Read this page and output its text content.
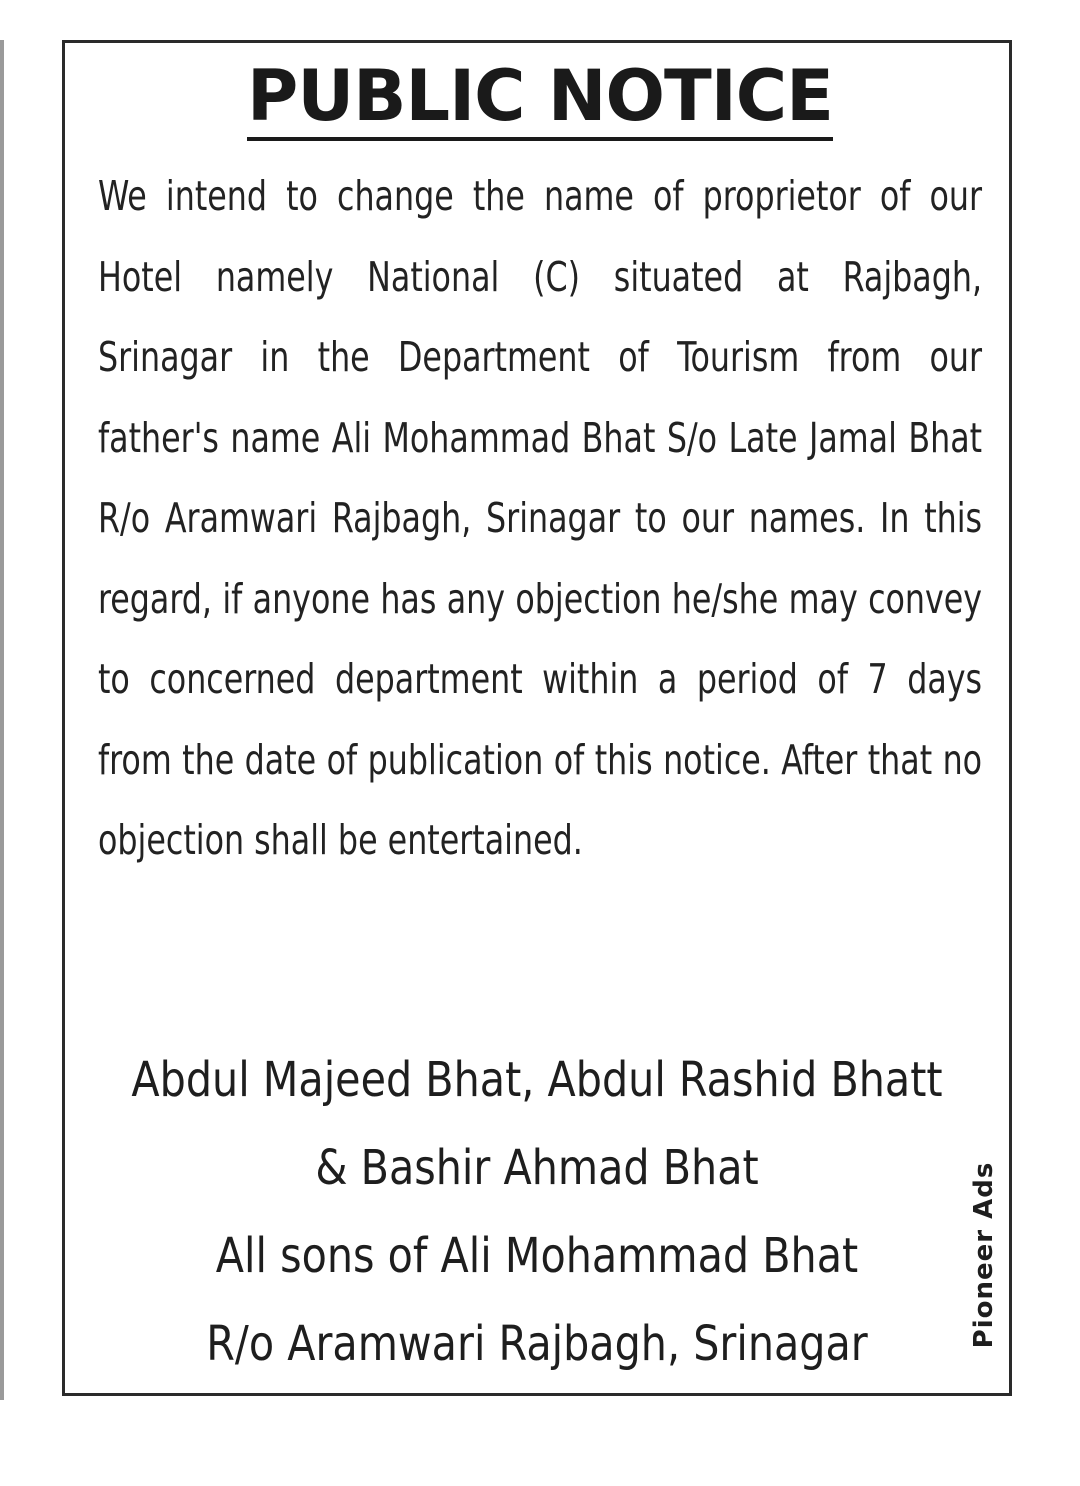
PUBLIC NOTICE

We intend to change the name of proprietor of our Hotel namely National (C) situated at Rajbagh, Srinagar in the Department of Tourism from our father's name Ali Mohammad Bhat S/o Late Jamal Bhat R/o Aramwari Rajbagh, Srinagar to our names. In this regard, if anyone has any objection he/she may convey to concerned department within a period of 7 days from the date of publication of this notice. After that no objection shall be entertained.

Abdul Majeed Bhat, Abdul Rashid Bhatt
& Bashir Ahmad Bhat
All sons of Ali Mohammad Bhat
R/o Aramwari Rajbagh, Srinagar	Pioneer Ads
